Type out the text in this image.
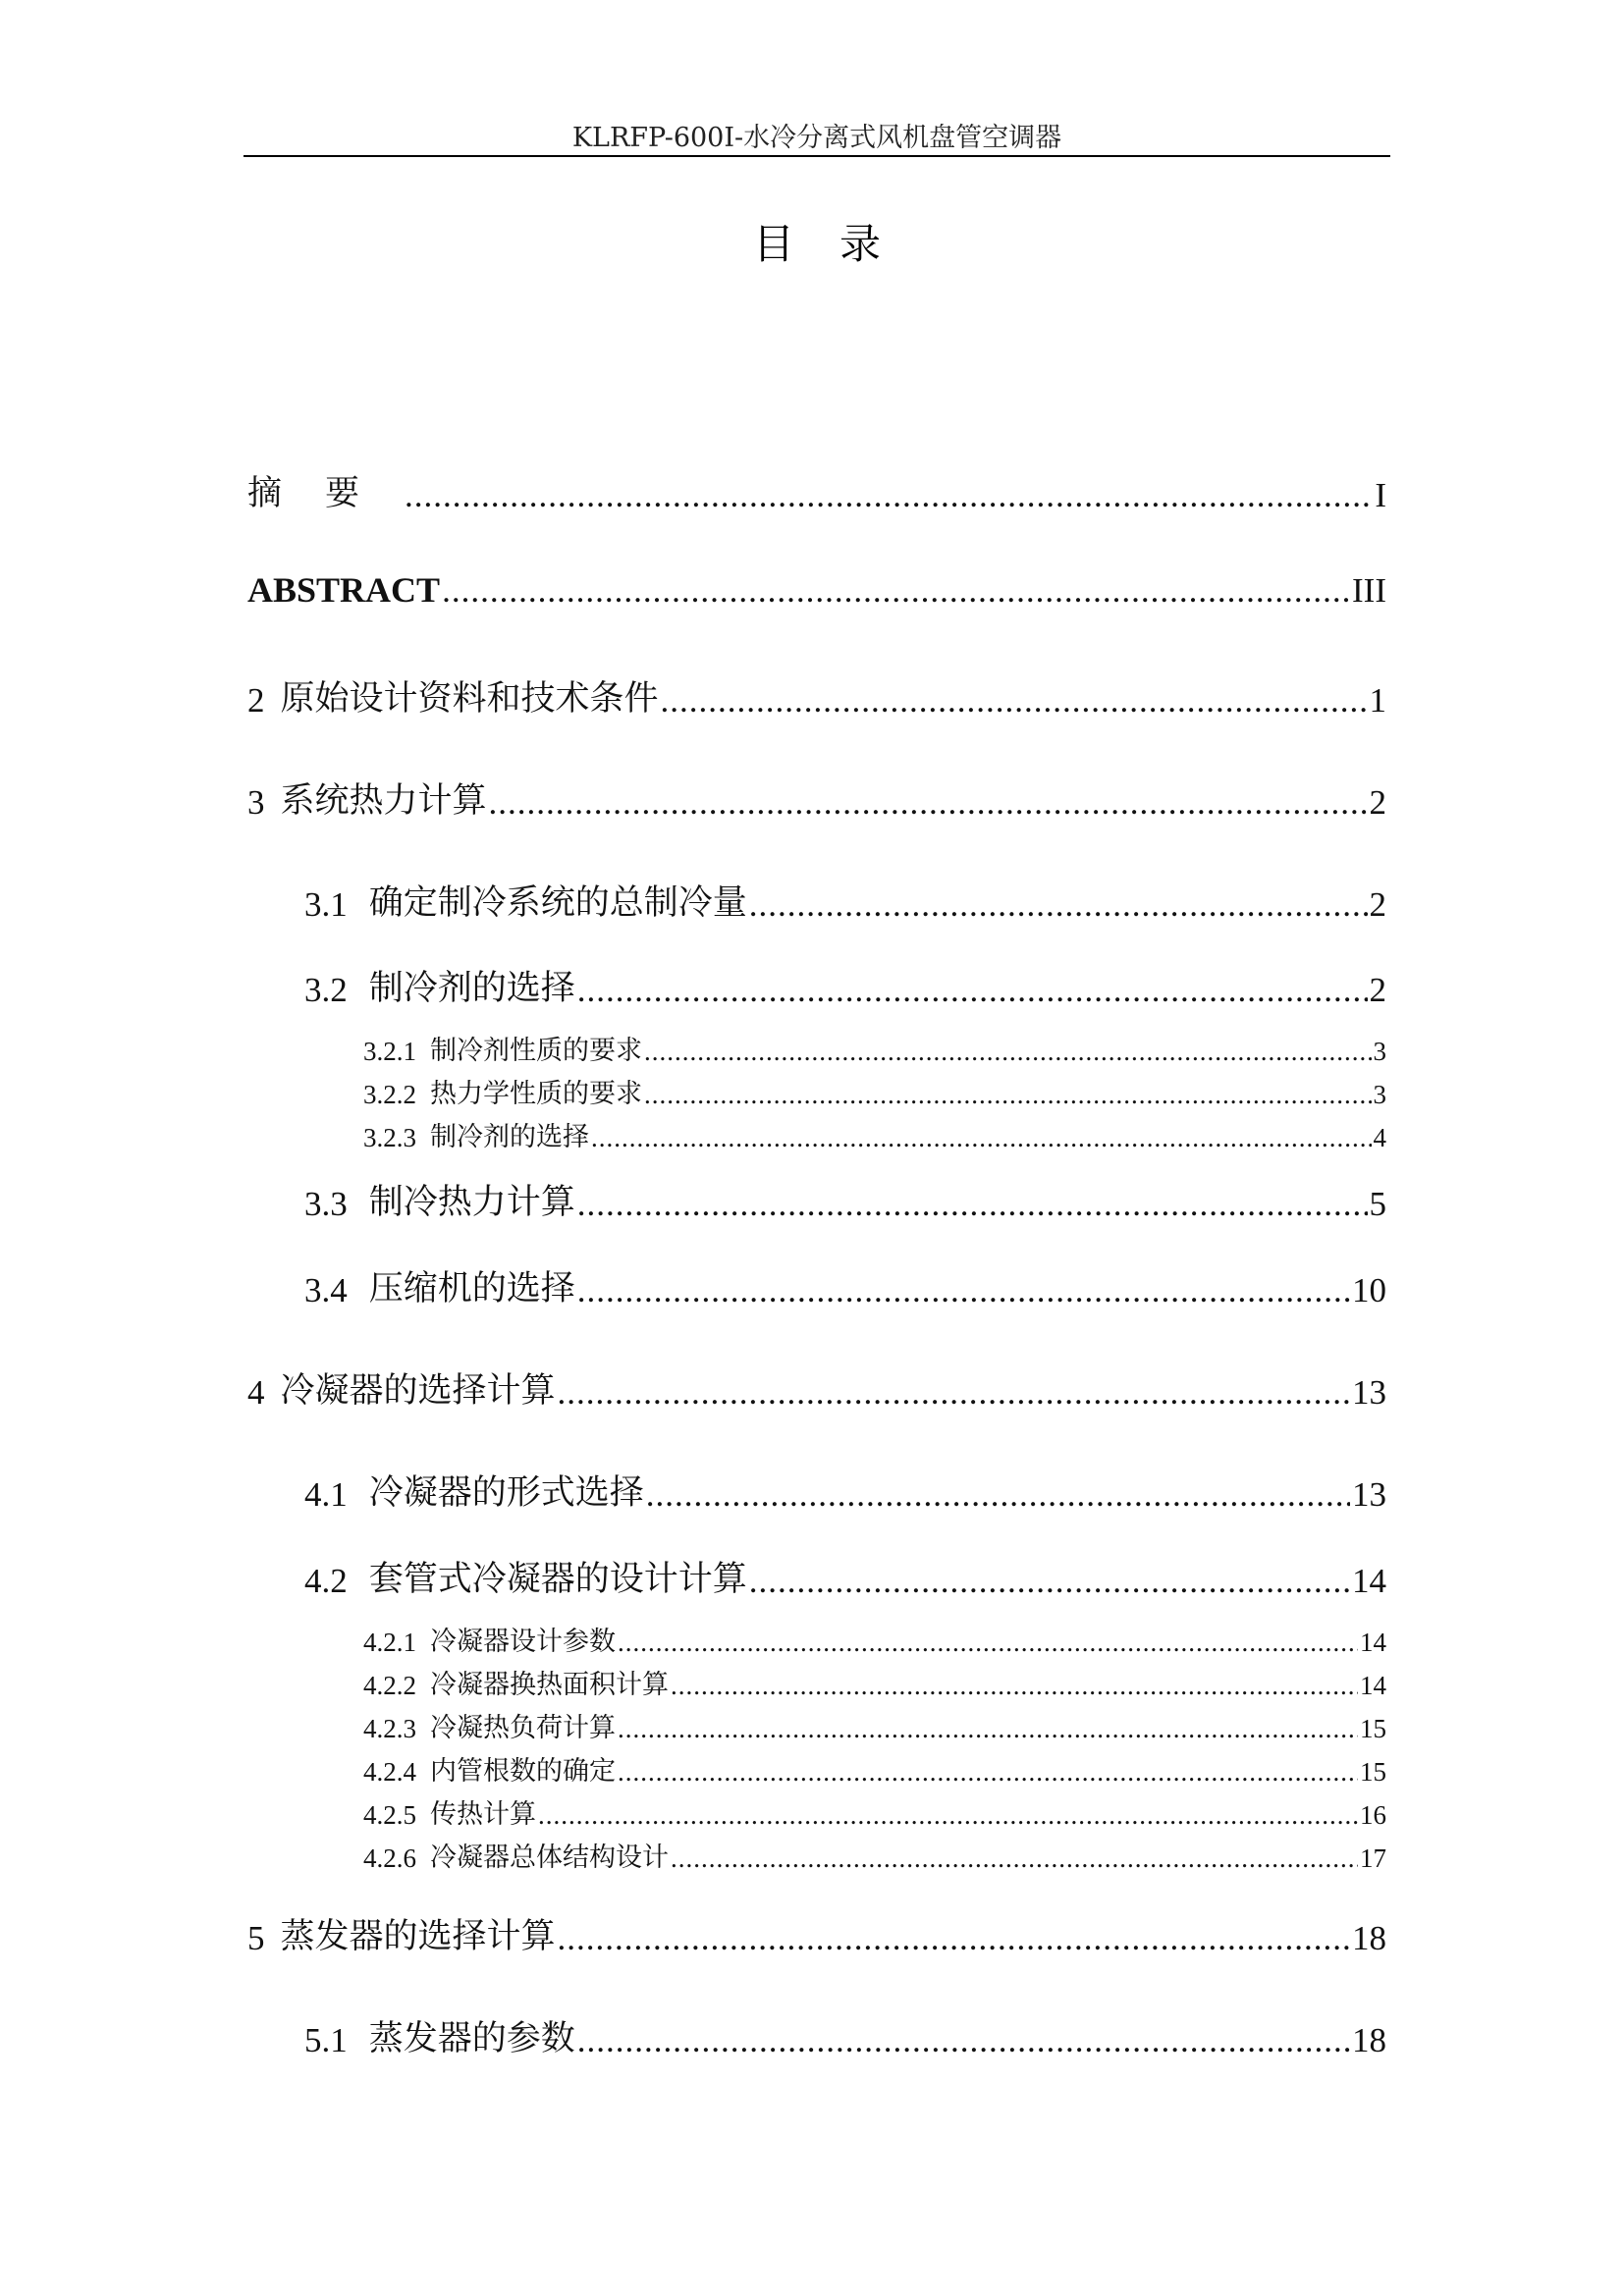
KLRFP-600Ⅰ-水冷分离式风机盘管空调器
目录
摘要 .....	I
ABSTRACT .....	III
2 原始设计资料和技术条件 .....	1
3 系统热力计算 .....	2
3.1 确定制冷系统的总制冷量 .....	2
3.2 制冷剂的选择 .....	2
3.2.1 制冷剂性质的要求 .....	3
3.2.2 热力学性质的要求 .....	3
3.2.3 制冷剂的选择 .....	4
3.3 制冷热力计算 .....	5
3.4 压缩机的选择 .....	10
4 冷凝器的选择计算 .....	13
4.1 冷凝器的形式选择 .....	13
4.2 套管式冷凝器的设计计算 .....	14
4.2.1 冷凝器设计参数 .....	14
4.2.2 冷凝器换热面积计算 .....	14
4.2.3 冷凝热负荷计算 .....	15
4.2.4 内管根数的确定 .....	15
4.2.5 传热计算 .....	16
4.2.6 冷凝器总体结构设计 .....	17
5 蒸发器的选择计算 .....	18
5.1 蒸发器的参数 .....	18
